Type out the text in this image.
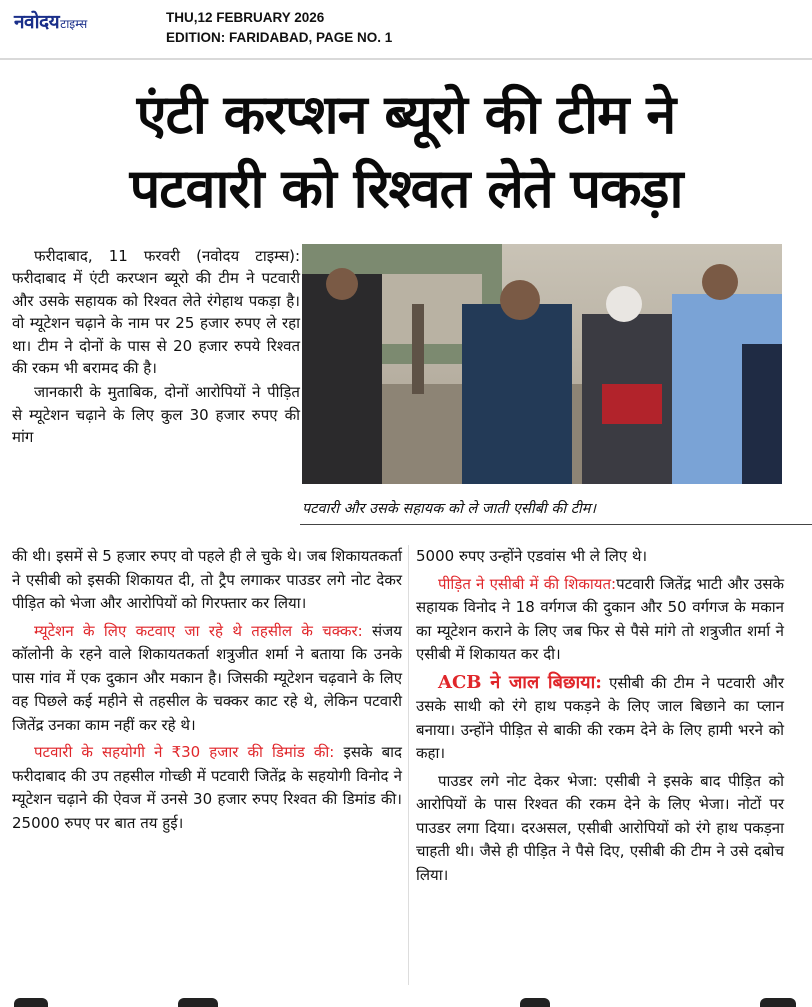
नवोदय टाइम्स	THU,12 FEBRUARY 2026
EDITION: FARIDABAD, PAGE NO. 1
एंटी करप्शन ब्यूरो की टीम ने
पटवारी को रिश्वत लेते पकड़ा

फरीदाबाद, 11 फरवरी (नवोदय टाइम्स): फरीदाबाद में एंटी करप्शन ब्यूरो की टीम ने पटवारी और उसके सहायक को रिश्वत लेते रंगेहाथ पकड़ा है। वो म्यूटेशन चढ़ाने के नाम पर 25 हजार रुपए ले रहा था। टीम ने दोनों के पास से 20 हजार रुपये रिश्वत की रकम भी बरामद की है।

जानकारी के मुताबिक, दोनों आरोपियों ने पीड़ित से म्यूटेशन चढ़ाने के लिए कुल 30 हजार रुपए की मांग

पटवारी और उसके सहायक को ले जाती एसीबी की टीम।

की थी। इसमें से 5 हजार रुपए वो पहले ही ले चुके थे। जब शिकायतकर्ता ने एसीबी को इसकी शिकायत दी, तो ट्रैप लगाकर पाउडर लगे नोट देकर पीड़ित को भेजा और आरोपियों को गिरफ्तार कर लिया।

म्यूटेशन के लिए कटवाए जा रहे थे तहसील के चक्कर: संजय कॉलोनी के रहने वाले शिकायतकर्ता शत्रुजीत शर्मा ने बताया कि उनके पास गांव में एक दुकान और मकान है। जिसकी म्यूटेशन चढ़वाने के लिए वह पिछले कई महीने से तहसील के चक्कर काट रहे थे, लेकिन पटवारी जितेंद्र उनका काम नहीं कर रहे थे।

पटवारी के सहयोगी ने ₹30 हजार की डिमांड की: इसके बाद फरीदाबाद की उप तहसील गोच्छी में पटवारी जितेंद्र के सहयोगी विनोद ने म्यूटेशन चढ़ाने की ऐवज में उनसे 30 हजार रुपए रिश्वत की डिमांड की। 25000 रुपए पर बात तय हुई।

5000 रुपए उन्होंने एडवांस भी ले लिए थे।

पीड़ित ने एसीबी में की शिकायत:पटवारी जितेंद्र भाटी और उसके सहायक विनोद ने 18 वर्गगज की दुकान और 50 वर्गगज के मकान का म्यूटेशन कराने के लिए जब फिर से पैसे मांगे तो शत्रुजीत शर्मा ने एसीबी में शिकायत कर दी।

ACB ने जाल बिछाया: एसीबी की टीम ने पटवारी और उसके साथी को रंगे हाथ पकड़ने के लिए जाल बिछाने का प्लान बनाया। उन्होंने पीड़ित से बाकी की रकम देने के लिए हामी भरने को कहा।

पाउडर लगे नोट देकर भेजा: एसीबी ने इसके बाद पीड़ित को आरोपियों के पास रिश्वत की रकम देने के लिए भेजा। नोटों पर पाउडर लगा दिया। दरअसल, एसीबी आरोपियों को रंगे हाथ पकड़ना चाहती थी। जैसे ही पीड़ित ने पैसे दिए, एसीबी की टीम ने उसे दबोच लिया।
